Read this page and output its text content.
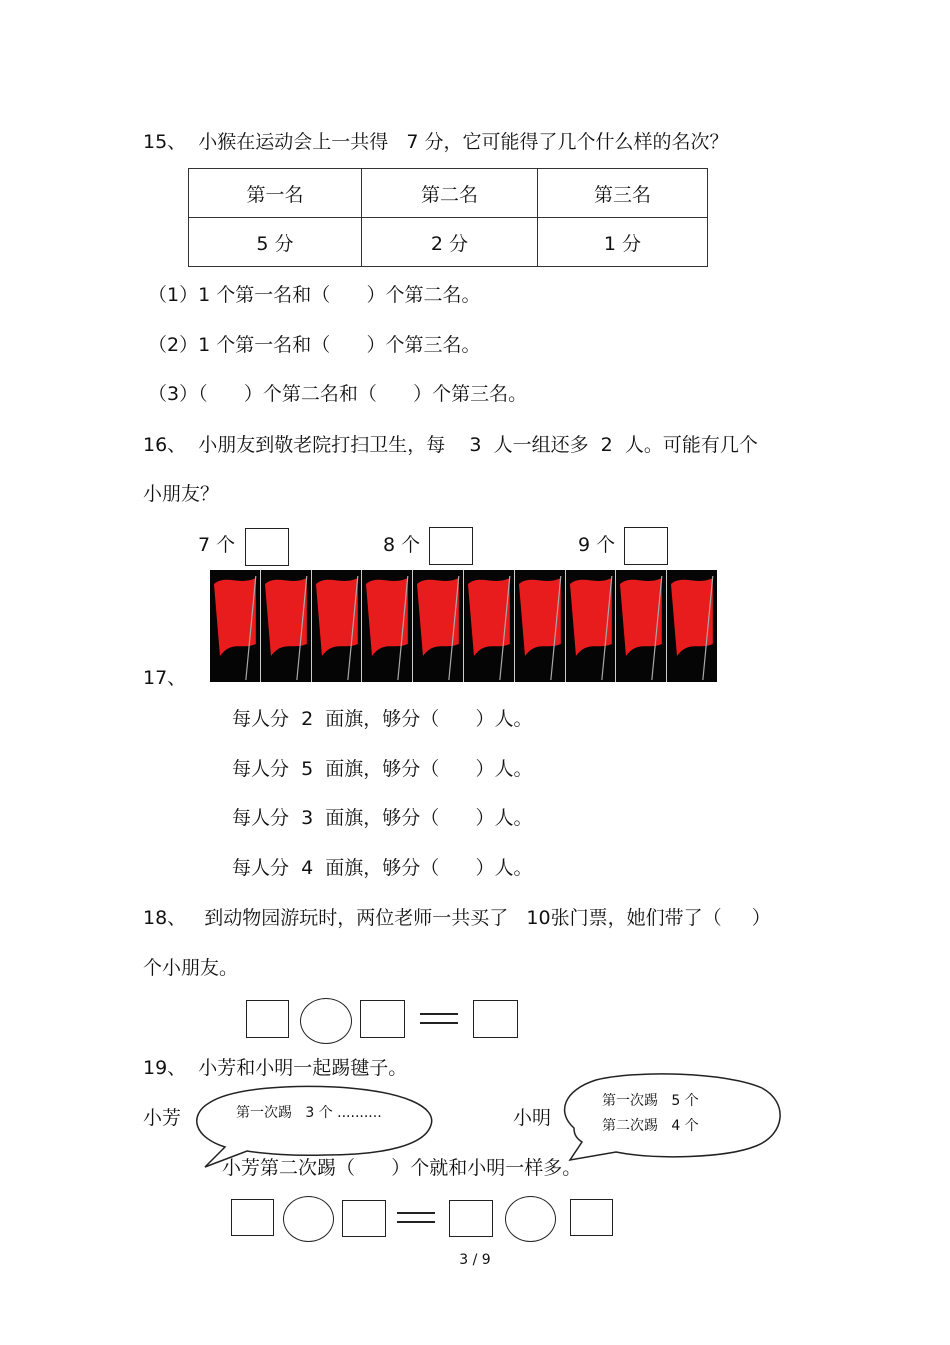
15、  小猴在运动会上一共得   7 分，它可能得了几个什么样的名次？
第一名	第二名	第三名
5 分	2 分	1 分
（1）1 个第一名和（      ）个第二名。
（2）1 个第一名和（      ）个第三名。
（3）（      ）个第二名和（      ）个第三名。
16、  小朋友到敬老院打扫卫生，每    3  人一组还多  2  人。可能有几个
小朋友？
7 个	8 个	9 个
17、
每人分  2  面旗，够分（      ）人。
每人分  5  面旗，够分（      ）人。
每人分  3  面旗，够分（      ）人。
每人分  4  面旗，够分（      ）人。
18、   到动物园游玩时，两位老师一共买了   10张门票，她们带了（     ）
个小朋友。
19、  小芳和小明一起踢毽子。
小芳	第一次踢   3 个 ..........	小明
第一次踢   5 个
第二次踢   4 个
小芳第二次踢（      ）个就和小明一样多。
3 / 9
